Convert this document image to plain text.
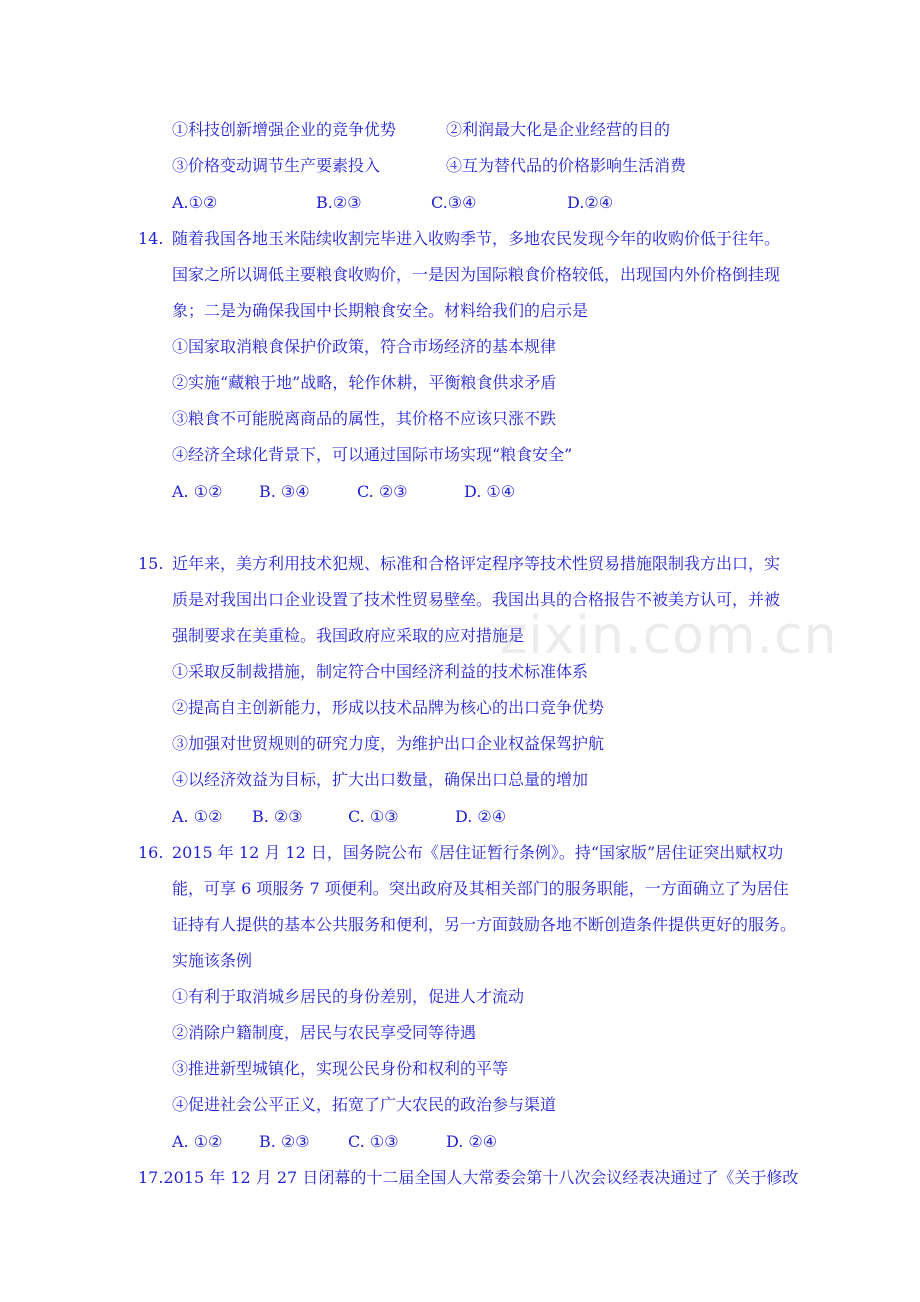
①科技创新增强企业的竞争优势	②利润最大化是企业经营的目的
③价格变动调节生产要素投入	④互为替代品的价格影响生活消费
A.①②	B.②③	C.③④	D.②④
14. 随着我国各地玉米陆续收割完毕进入收购季节，多地农民发现今年的收购价低于往年。
国家之所以调低主要粮食收购价，一是因为国际粮食价格较低，出现国内外价格倒挂现
象；二是为确保我国中长期粮食安全。材料给我们的启示是
①国家取消粮食保护价政策，符合市场经济的基本规律
②实施“藏粮于地”战略，轮作休耕，平衡粮食供求矛盾
③粮食不可能脱离商品的属性，其价格不应该只涨不跌
④经济全球化背景下，可以通过国际市场实现“粮食安全”
A. ①② B. ③④	C. ②③	D. ①④
15. 近年来，美方利用技术犯规、标准和合格评定程序等技术性贸易措施限制我方出口，实
质是对我国出口企业设置了技术性贸易壁垒。我国出具的合格报告不被美方认可，并被
强制要求在美重检。我国政府应采取的应对措施是
①采取反制裁措施，制定符合中国经济利益的技术标准体系
②提高自主创新能力，形成以技术品牌为核心的出口竞争优势
③加强对世贸规则的研究力度，为维护出口企业权益保驾护航
④以经济效益为目标，扩大出口数量，确保出口总量的增加
A. ①② B. ②③	C. ①③	D. ②④
16. 2015 年 12 月 12 日，国务院公布《居住证暂行条例》。持“国家版”居住证突出赋权功
能，可享 6 项服务 7 项便利。突出政府及其相关部门的服务职能，一方面确立了为居住
证持有人提供的基本公共服务和便利，另一方面鼓励各地不断创造条件提供更好的服务。
实施该条例
①有利于取消城乡居民的身份差别，促进人才流动
②消除户籍制度，居民与农民享受同等待遇
③推进新型城镇化，实现公民身份和权利的平等
④促进社会公平正义，拓宽了广大农民的政治参与渠道
A. ①② B. ②③ C. ①③	D. ②④
17.2015 年 12 月 27 日闭幕的十二届全国人大常委会第十八次会议经表决通过了《关于修改
zixin.com.cn
